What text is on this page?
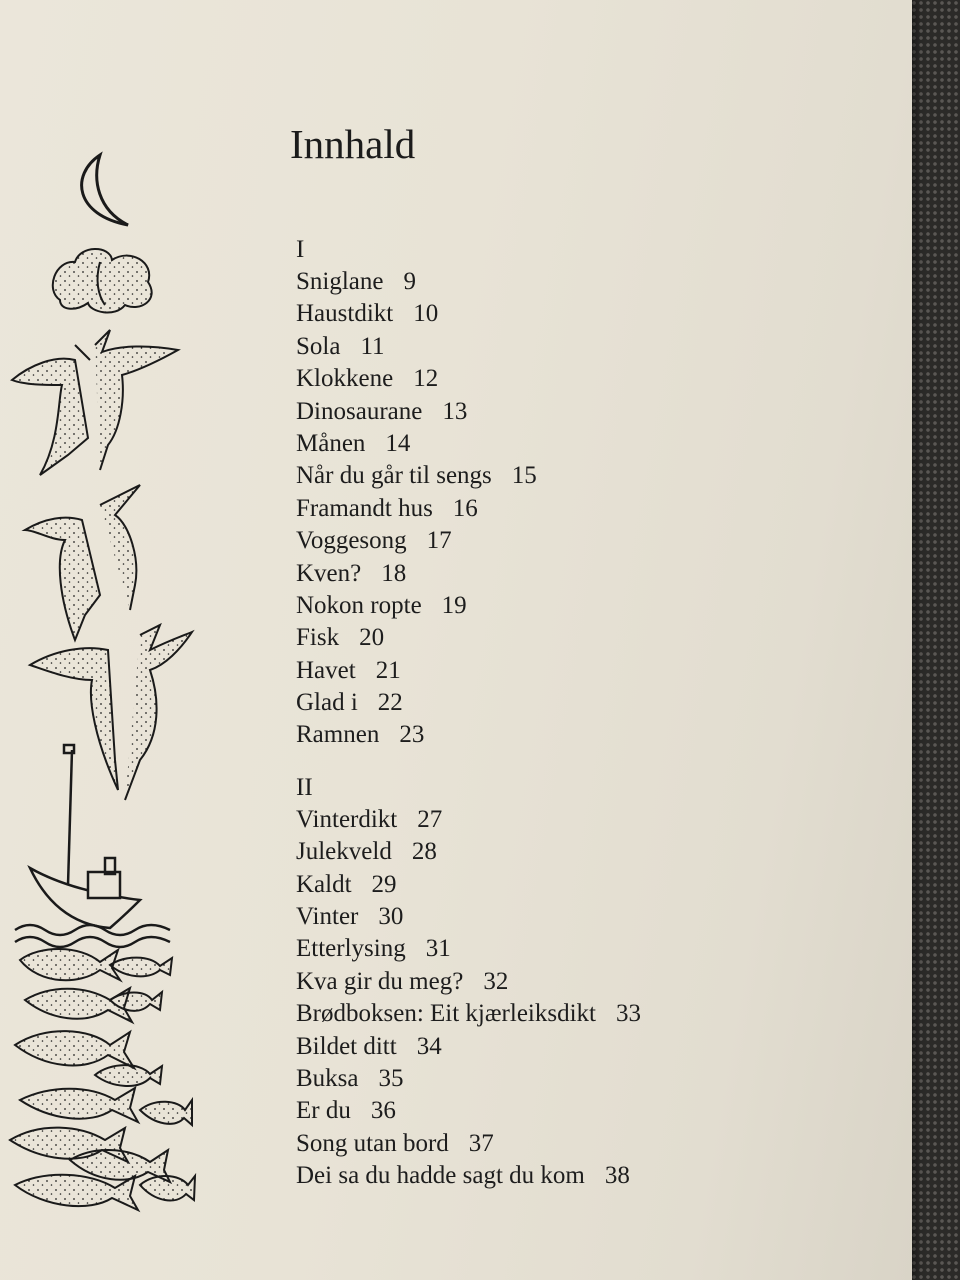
Innhald
I
Sniglane 9
Haustdikt 10
Sola 11
Klokkene 12
Dinosaurane 13
Månen 14
Når du går til sengs 15
Framandt hus 16
Voggesong 17
Kven? 18
Nokon ropte 19
Fisk 20
Havet 21
Glad i 22
Ramnen 23
II
Vinterdikt 27
Julekveld 28
Kaldt 29
Vinter 30
Etterlysing 31
Kva gir du meg? 32
Brødboksen: Eit kjærleiksdikt 33
Bildet ditt 34
Buksa 35
Er du 36
Song utan bord 37
Dei sa du hadde sagt du kom 38
